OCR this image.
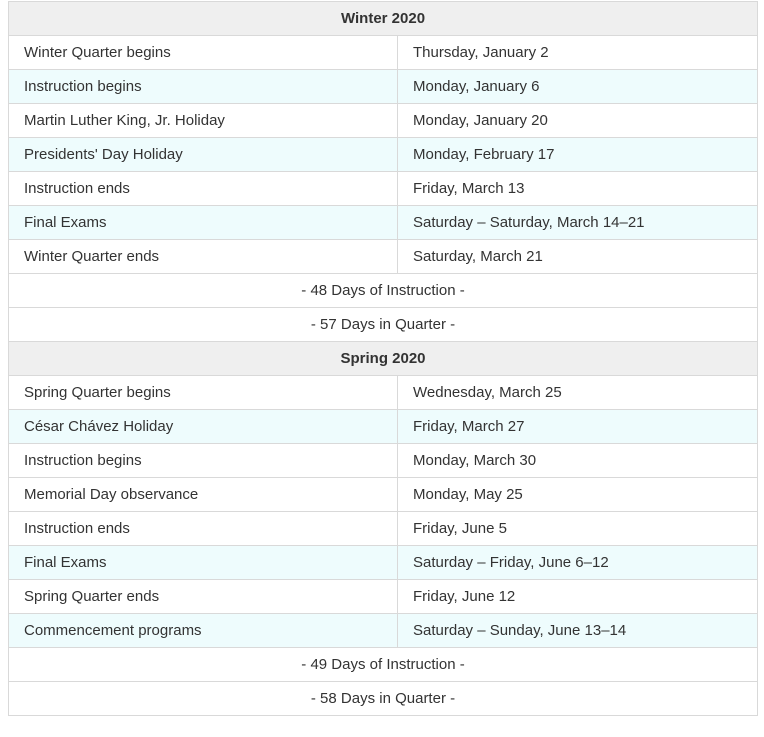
Winter 2020	
Winter Quarter begins	Thursday, January 2
Instruction begins	Monday, January 6
Martin Luther King, Jr. Holiday	Monday, January 20
Presidents' Day Holiday	Monday, February 17
Instruction ends	Friday, March 13
Final Exams	Saturday – Saturday, March 14–21
Winter Quarter ends	Saturday, March 21
- 48 Days of Instruction -	
- 57 Days in Quarter -	
Spring 2020	
Spring Quarter begins	Wednesday, March 25
César Chávez Holiday	Friday, March 27
Instruction begins	Monday, March 30
Memorial Day observance	Monday, May 25
Instruction ends	Friday, June 5
Final Exams	Saturday – Friday, June 6–12
Spring Quarter ends	Friday, June 12
Commencement programs	Saturday – Sunday, June 13–14
- 49 Days of Instruction -	
- 58 Days in Quarter -	
